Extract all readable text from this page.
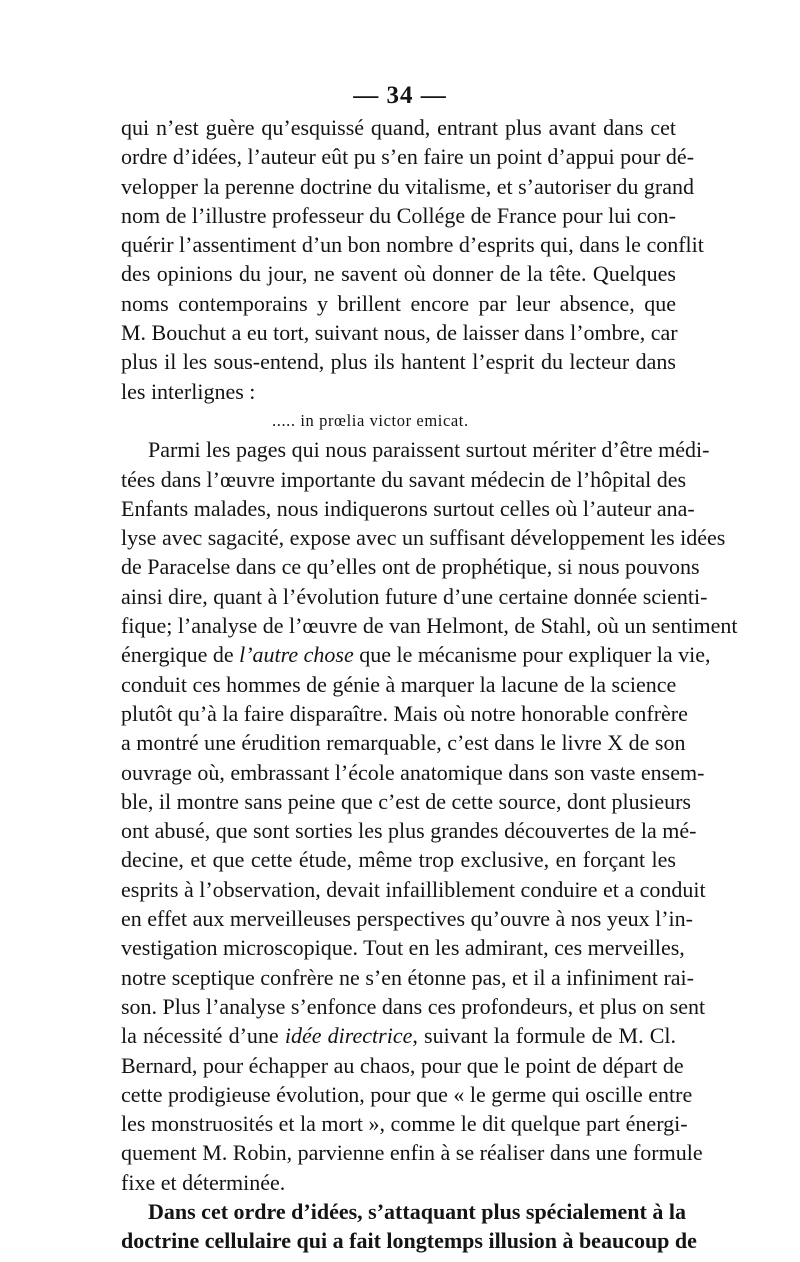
— 34 —
qui n’est guère qu’esquissé quand, entrant plus avant dans cet
ordre d’idées, l’auteur eût pu s’en faire un point d’appui pour dé-
velopper la perenne doctrine du vitalisme, et s’autoriser du grand
nom de l’illustre professeur du Collége de France pour lui con-
quérir l’assentiment d’un bon nombre d’esprits qui, dans le conflit
des opinions du jour, ne savent où donner de la tête. Quelques
noms contemporains y brillent encore par leur absence, que
M. Bouchut a eu tort, suivant nous, de laisser dans l’ombre, car
plus il les sous-entend, plus ils hantent l’esprit du lecteur dans
les interlignes :
..... in prœlia victor emicat.
Parmi les pages qui nous paraissent surtout mériter d’être médi-
tées dans l’œuvre importante du savant médecin de l’hôpital des
Enfants malades, nous indiquerons surtout celles où l’auteur ana-
lyse avec sagacité, expose avec un suffisant développement les idées
de Paracelse dans ce qu’elles ont de prophétique, si nous pouvons
ainsi dire, quant à l’évolution future d’une certaine donnée scienti-
fique; l’analyse de l’œuvre de van Helmont, de Stahl, où un sentiment
énergique de l’autre chose que le mécanisme pour expliquer la vie,
conduit ces hommes de génie à marquer la lacune de la science
plutôt qu’à la faire disparaître. Mais où notre honorable confrère
a montré une érudition remarquable, c’est dans le livre X de son
ouvrage où, embrassant l’école anatomique dans son vaste ensem-
ble, il montre sans peine que c’est de cette source, dont plusieurs
ont abusé, que sont sorties les plus grandes découvertes de la mé-
decine, et que cette étude, même trop exclusive, en forçant les
esprits à l’observation, devait infailliblement conduire et a conduit
en effet aux merveilleuses perspectives qu’ouvre à nos yeux l’in-
vestigation microscopique. Tout en les admirant, ces merveilles,
notre sceptique confrère ne s’en étonne pas, et il a infiniment rai-
son. Plus l’analyse s’enfonce dans ces profondeurs, et plus on sent
la nécessité d’une idée directrice, suivant la formule de M. Cl.
Bernard, pour échapper au chaos, pour que le point de départ de
cette prodigieuse évolution, pour que « le germe qui oscille entre
les monstruosités et la mort », comme le dit quelque part énergi-
quement M. Robin, parvienne enfin à se réaliser dans une formule
fixe et déterminée.
Dans cet ordre d’idées, s’attaquant plus spécialement à la
doctrine cellulaire qui a fait longtemps illusion à beaucoup de
